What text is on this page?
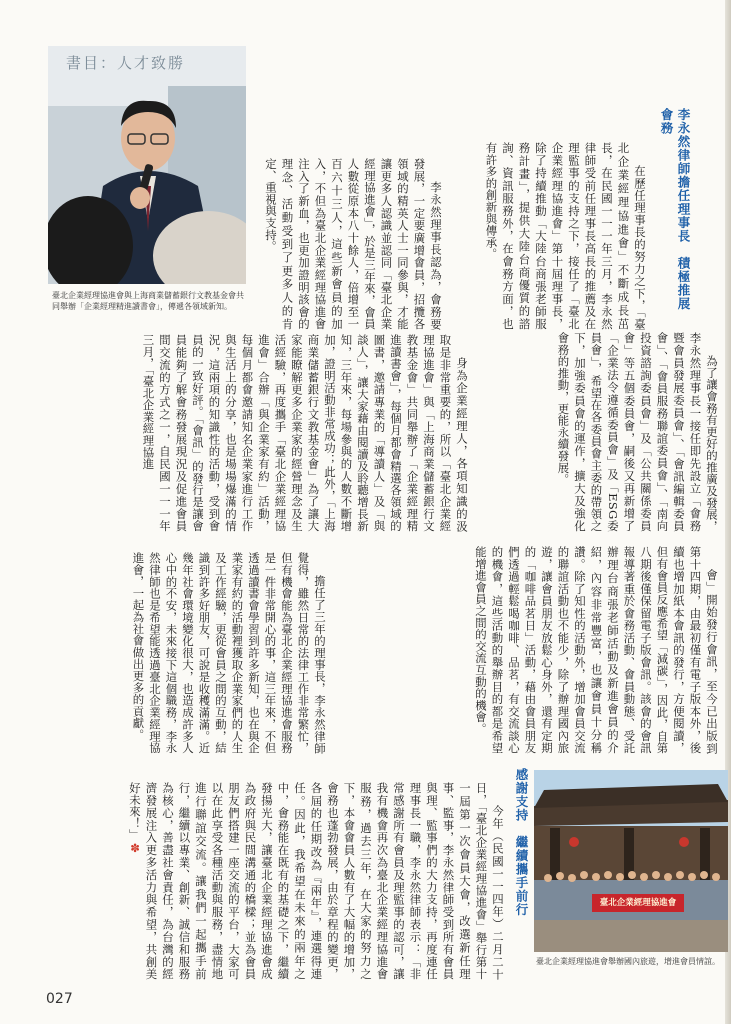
書目：人才致勝
臺北企業經理協進會與上海商業儲蓄銀行文教基金會共同舉辦「企業經理精進讀書會」，傳遞各領域新知。	李永然律師擔任理事長　積極推展會務

在歷任理事長的努力之下，「臺北企業經理協進會」不斷成長茁長，在民國一一一年三月，李永然律師受前任理事長高長的推薦及在理監事的支持之下，接任了「臺北企業經理協進會」第十屆理事長，除了持續推動「大陸台商張老師服務計畫」，提供大陸台商優質的諮詢、資訊服務外，在會務方面，也有許多的創新與傳承。

李永然理事長認為，會務要發展，一定要廣增會員，招攬各領域的精英人士一同參與，才能讓更多人認識並認同「臺北企業經理協進會」，於是三年來，會員人數從原本八十餘人，倍增至一百六十三人，這些新會員的加入，不但為臺北企業經理協進會注入了新血，也更加證明該會的理念、活動受到了更多人的肯定、重視與支持。

為了讓會務有更好的推廣及發展，李永然理事長一接任即先設立「會務暨會員發展委員會」、「會訊編輯委員會」、「會員服務聯誼委員會」、「南向投資諮詢委員會」及「公共關係委員會」等五個委員會，嗣後又再新增了「企業法令遵循委員會」及「ESG委員會」，希望在各委員會主委的帶領之下，加強委員會的運作，擴大及強化會務的推動，更能永續發展。

身為企業經理人，各項知識的汲取是非常重要的，所以「臺北企業經理協進會」與「上海商業儲蓄銀行文教基金會」共同舉辦了「企業經理精進讀書會」，每個月都會精選各領域的圖書，邀請專業的「導讀人」及「與談人」，讓大家藉由閱讀及聆聽增長新知，三年來，每場參與的人數不斷增加，證明活動非常成功；此外，「上海商業儲蓄銀行文教基金會」為了讓大家能瞭解更多企業家的經營理念及生活經驗，再度攜手「臺北企業經理協進會」合辦「與企業家有約」活動，每個月都會邀請知名企業家進行工作與生活上的分享，也是場場爆滿的情況，這兩項的知識性的活動，受到會員的一致好評。「會訊」的發行是讓會員能夠了解會務發展現況及促進會員間交流的方式之一，自民國一一一年三月，「臺北企業經理協進

會」開始發行會訊，至今已出版到第十四期，由最初僅有電子版本外，後續也增加紙本會訊的發行，方便閱讀，但有會員反應希望「減碳」，因此，自第八期後僅保留電子版會訊。該會的會訊報導著重於會務活動、會員動態、受託辦理台商張老師活動及新進會員的介紹，內容非常豐富，也讓會員十分稱讚。除了知性的活動外，增加會員交流的聯誼活動也不能少，除了辦理國內旅遊，讓會員朋友放鬆心身外，還有定期的「咖啡品茗日」活動，藉由會員朋友們透過輕鬆喝咖啡、品茗，有交流談心的機會，這些活動的舉辦目的都是希望能增進會員之間的交流互動的機會。

擔任了三年的理事長，李永然律師覺得，雖然日常的法律工作非常繁忙，但有機會能為臺北企業經理協進會服務是一件非常開心的事，這三年來，不但透過讀書會學習到許多新知，也在與企業家有約的活動裡獲取企業家們的人生及工作經驗，更從會員之間的互動，結識到許多好朋友，可說是收穫滿滿。近幾年社會環境變化很大，也造成許多人心中的不安，未來接下這個職務，李永然律師也是希望能透過臺北企業經理協進會，一起為社會做出更多的貢獻。

感謝支持　繼續攜手前行

今年（民國一一四年）二月二十日，「臺北企業經理協進會」舉行第十一屆第一次會員大會，改選新任理事、監事，李永然律師受到所有會員與理、監事們的大力支持，再度連任理事長一職，李永然律師表示：「非常感謝所有會員及理監事的認可，讓我有機會再次為臺北企業經理協進會服務，過去三年，在大家的努力之下，本會會員人數有了大幅的增加，會務也蓬勃發展，由於章程的變更，各屆的任期改為『兩年』，連選得連任。因此，我希望在未來的兩年之中，會務能在既有的基礎之下，繼續發揚光大，讓臺北企業經理協進會成為政府與民間溝通的橋樑；並為會員朋友們搭建一座交流的平台，大家可以在此享受各種活動與服務，盡情地進行聯誼交流。讓我們一起攜手前行，繼續以專業、創新、誠信和服務為核心，善盡社會責任，為台灣的經濟發展注入更多活力與希望，共創美好未來！」✽

臺北企業經理協進會
臺北企業經理協進會舉辦國內旅遊，增進會員情誼。
027
